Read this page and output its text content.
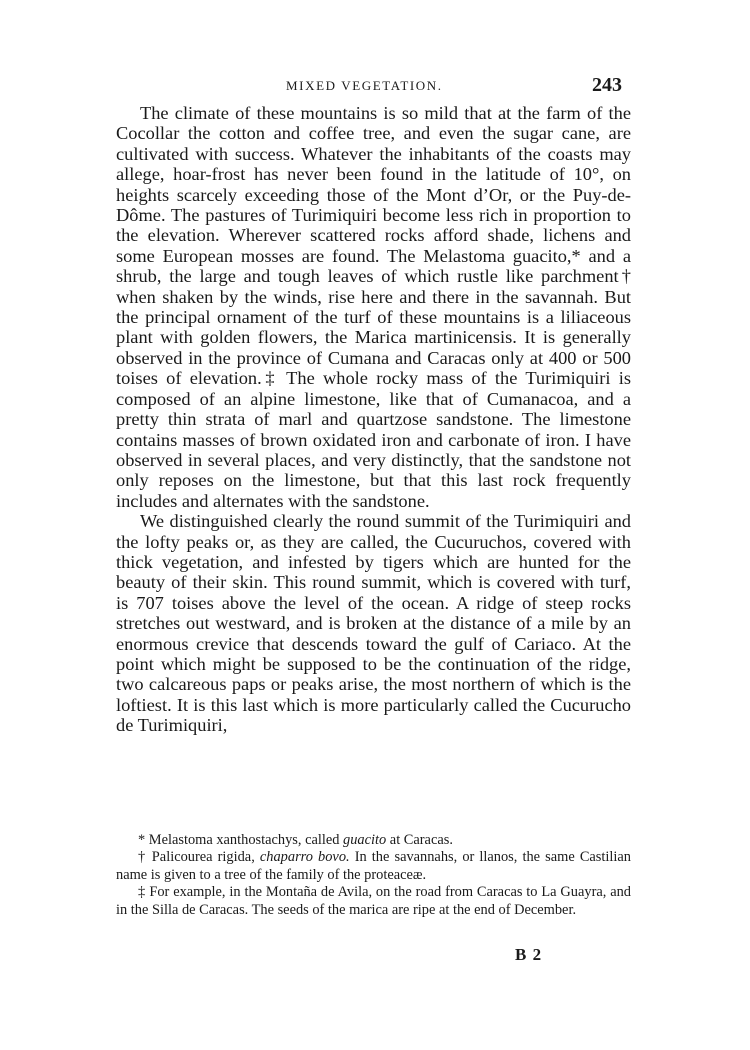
MIXED VEGETATION.	243

The climate of these mountains is so mild that at the farm of the Cocollar the cotton and coffee tree, and even the sugar cane, are cultivated with success. Whatever the inhabitants of the coasts may allege, hoar-frost has never been found in the latitude of 10°, on heights scarcely exceeding those of the Mont d’Or, or the Puy-de-Dôme. The pastures of Turimiquiri become less rich in proportion to the elevation. Wherever scattered rocks afford shade, lichens and some European mosses are found. The Melastoma guacito,* and a shrub, the large and tough leaves of which rustle like parchment† when shaken by the winds, rise here and there in the savannah. But the principal ornament of the turf of these mountains is a liliaceous plant with golden flowers, the Marica martinicensis. It is generally observed in the province of Cumana and Caracas only at 400 or 500 toises of elevation.‡ The whole rocky mass of the Turimiquiri is composed of an alpine limestone, like that of Cumanacoa, and a pretty thin strata of marl and quartzose sandstone. The limestone contains masses of brown oxidated iron and carbonate of iron. I have observed in several places, and very distinctly, that the sandstone not only reposes on the limestone, but that this last rock frequently includes and alternates with the sandstone.

We distinguished clearly the round summit of the Turimiquiri and the lofty peaks or, as they are called, the Cucuruchos, covered with thick vegetation, and infested by tigers which are hunted for the beauty of their skin. This round summit, which is covered with turf, is 707 toises above the level of the ocean. A ridge of steep rocks stretches out westward, and is broken at the distance of a mile by an enormous crevice that descends toward the gulf of Cariaco. At the point which might be supposed to be the continuation of the ridge, two calcareous paps or peaks arise, the most northern of which is the loftiest. It is this last which is more particularly called the Cucurucho de Turimiquiri,

* Melastoma xanthostachys, called guacito at Caracas.

† Palicourea rigida, chaparro bovo. In the savannahs, or llanos, the same Castilian name is given to a tree of the family of the proteaceæ.

‡ For example, in the Montaña de Avila, on the road from Caracas to La Guayra, and in the Silla de Caracas. The seeds of the marica are ripe at the end of December.

B 2
